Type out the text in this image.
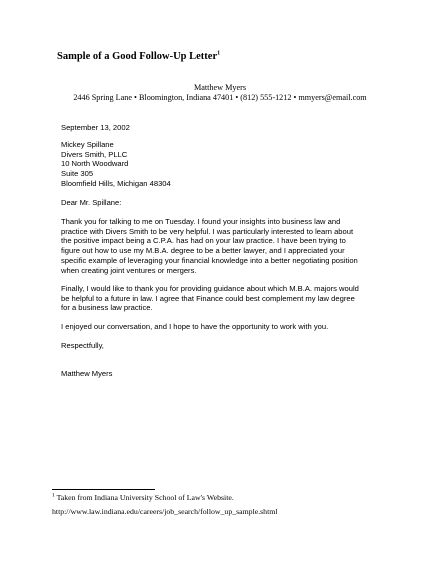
Sample of a Good Follow-Up Letter$^1$
Matthew Myers
2446 Spring Lane • Bloomington, Indiana 47401 • (812) 555-1212 • mmyers@email.com
September 13, 2002
Mickey Spillane
Divers Smith, PLLC
10 North Woodward
Suite 305
Bloomfield Hills, Michigan 48304
Dear Mr. Spillane:
Thank you for talking to me on Tuesday. I found your insights into business law and
practice with Divers Smith to be very helpful. I was particularly interested to learn about
the positive impact being a C.P.A. has had on your law practice. I have been trying to
figure out how to use my M.B.A. degree to be a better lawyer, and I appreciated your
specific example of leveraging your financial knowledge into a better negotiating position
when creating joint ventures or mergers.
Finally, I would like to thank you for providing guidance about which M.B.A. majors would
be helpful to a future in law. I agree that Finance could best complement my law degree
for a business law practice.
I enjoyed our conversation, and I hope to have the opportunity to work with you.
Respectfully,
Matthew Myers
$^1$ Taken from Indiana University School of Law's Website.
http://www.law.indiana.edu/careers/job_search/follow_up_sample.shtml
